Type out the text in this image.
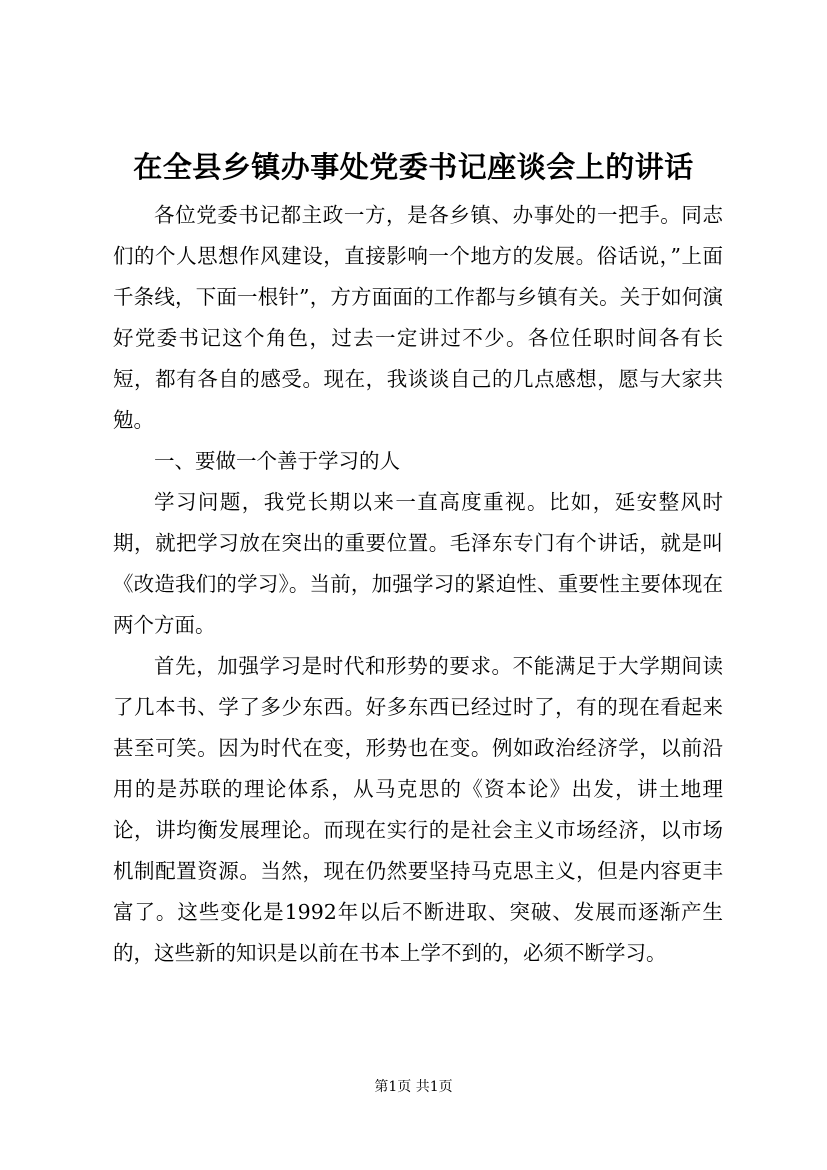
在全县乡镇办事处党委书记座谈会上的讲话

各位党委书记都主政一方，是各乡镇、办事处的一把手。同志们的个人思想作风建设，直接影响一个地方的发展。俗话说，”上面千条线，下面一根针”，方方面面的工作都与乡镇有关。关于如何演好党委书记这个角色，过去一定讲过不少。各位任职时间各有长短，都有各自的感受。现在，我谈谈自己的几点感想，愿与大家共勉。

一、要做一个善于学习的人

学习问题，我党长期以来一直高度重视。比如，延安整风时期，就把学习放在突出的重要位置。毛泽东专门有个讲话，就是叫《改造我们的学习》。当前，加强学习的紧迫性、重要性主要体现在两个方面。

首先，加强学习是时代和形势的要求。不能满足于大学期间读了几本书、学了多少东西。好多东西已经过时了，有的现在看起来甚至可笑。因为时代在变，形势也在变。例如政治经济学，以前沿用的是苏联的理论体系，从马克思的《资本论》出发，讲土地理论，讲均衡发展理论。而现在实行的是社会主义市场经济，以市场机制配置资源。当然，现在仍然要坚持马克思主义，但是内容更丰富了。这些变化是1992年以后不断进取、突破、发展而逐渐产生的，这些新的知识是以前在书本上学不到的，必须不断学习。

第1页 共1页
